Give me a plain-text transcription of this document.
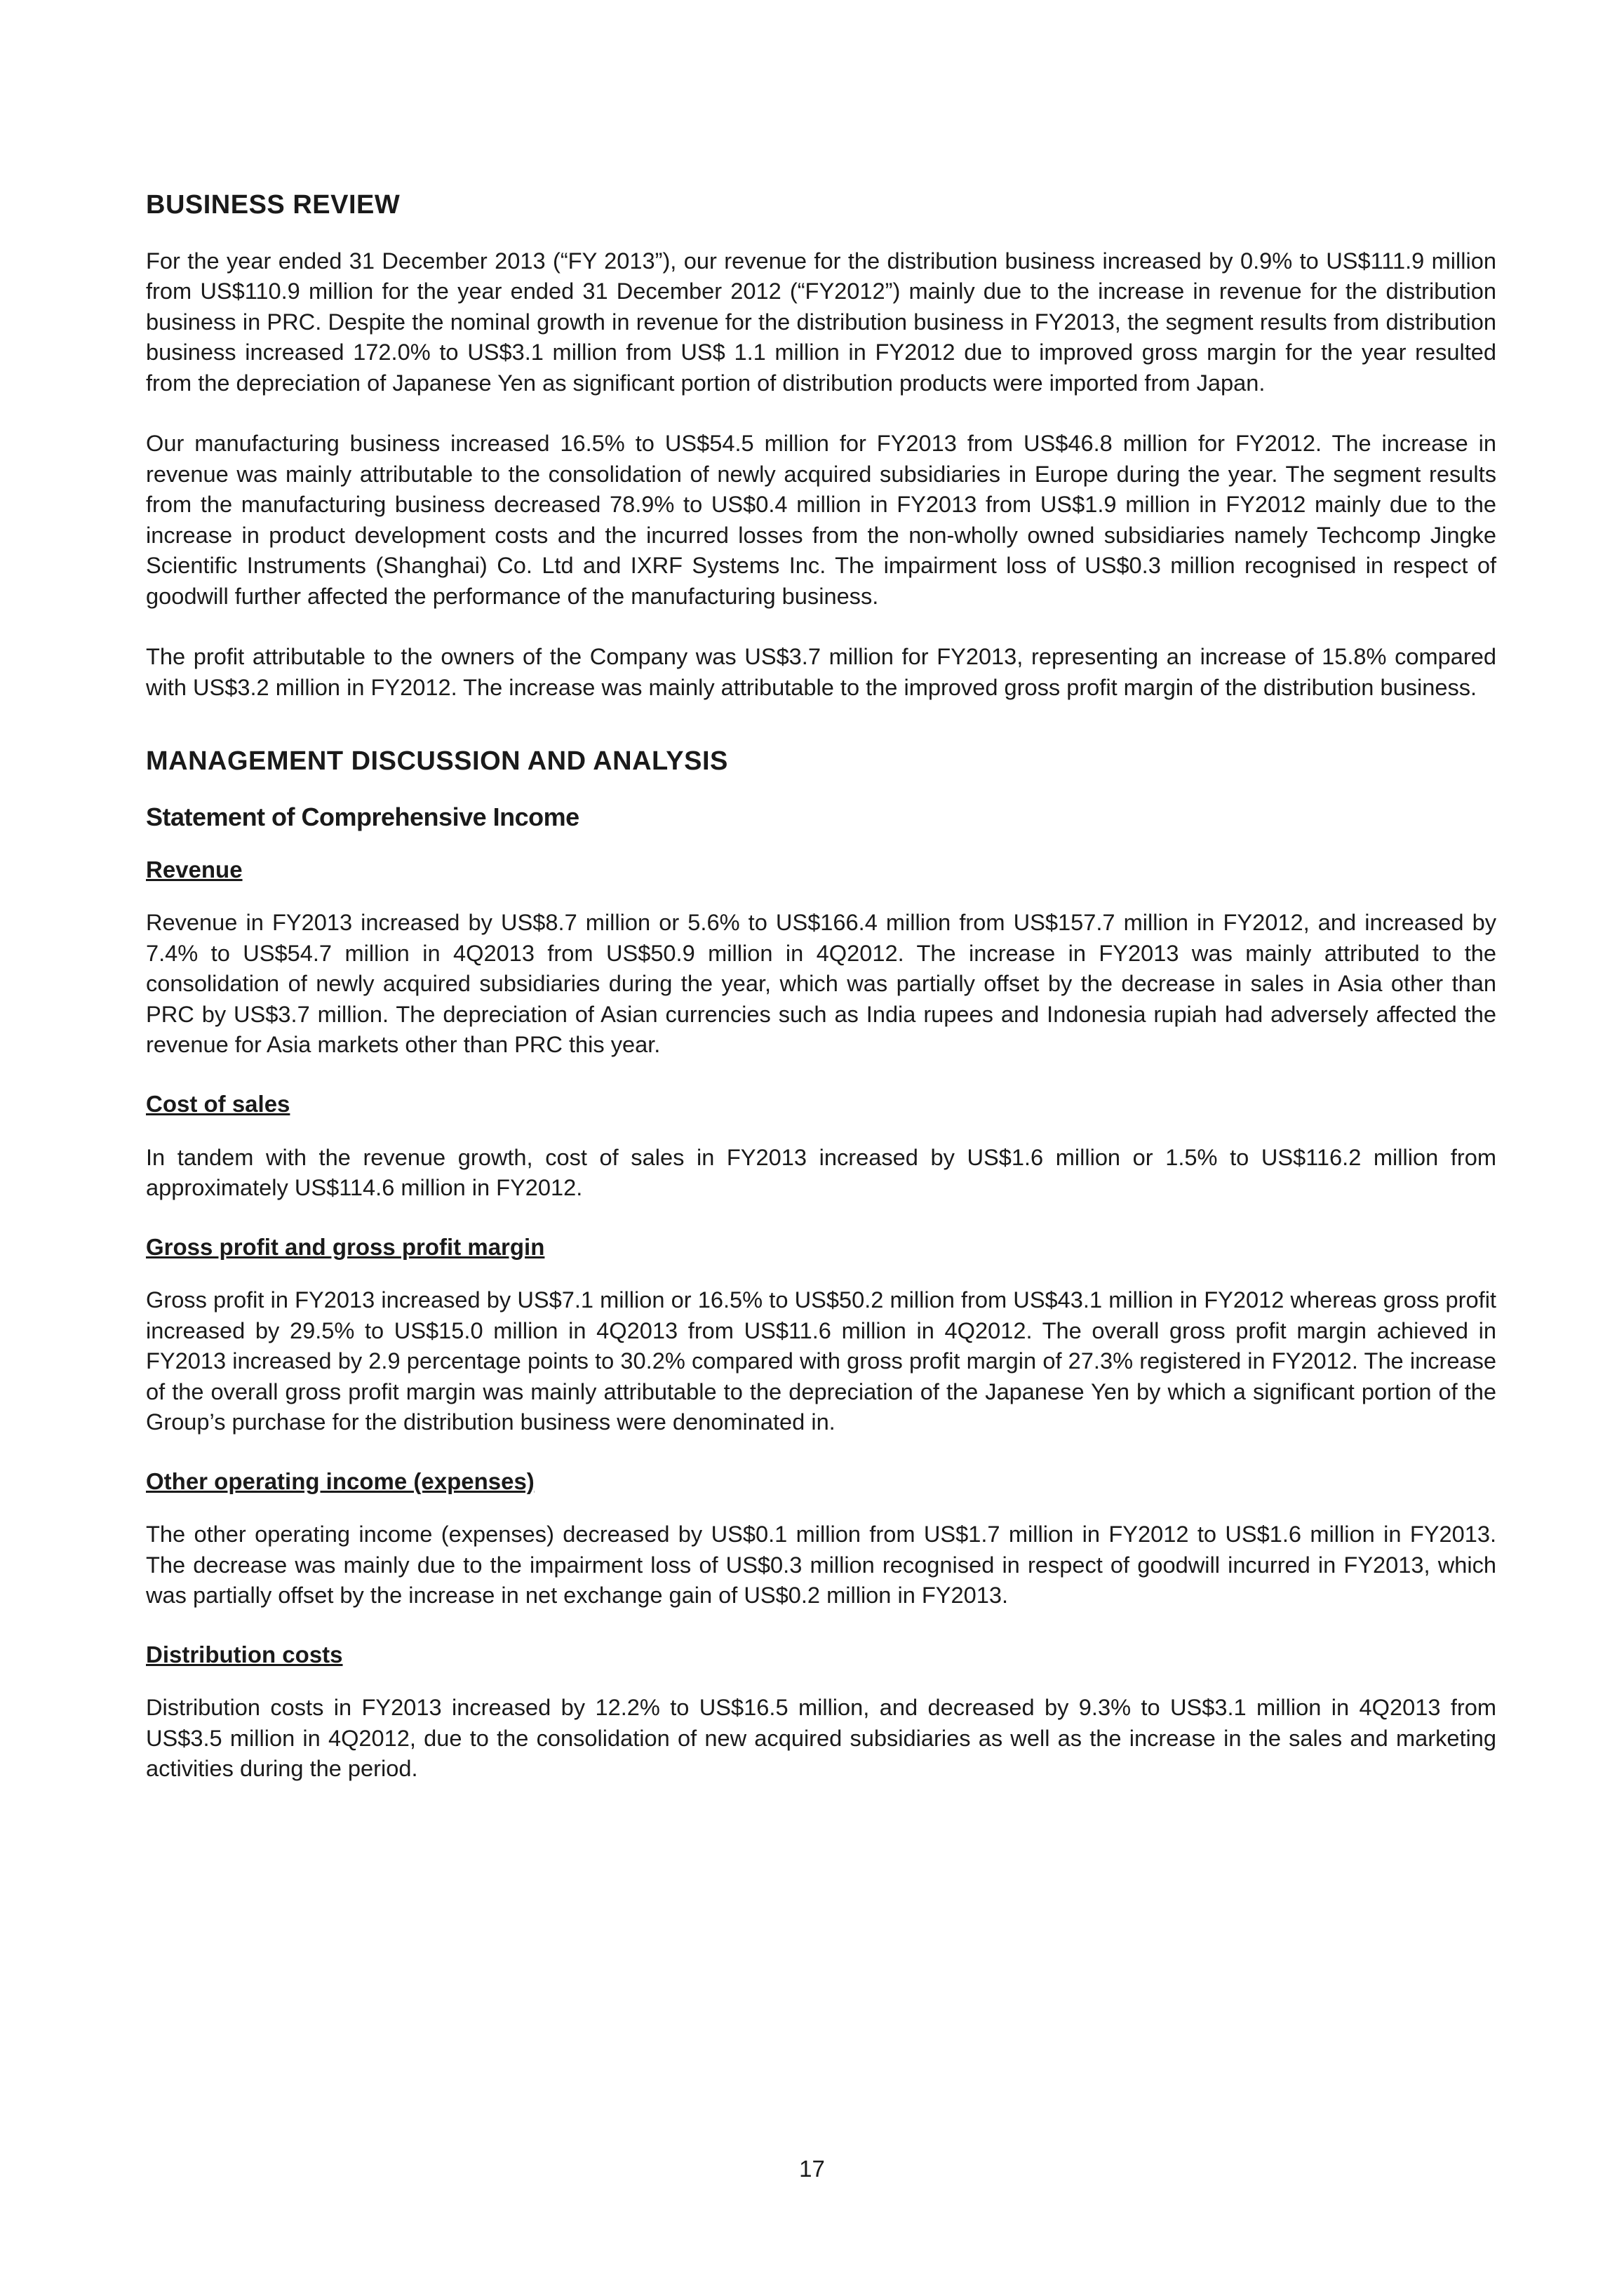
BUSINESS REVIEW

For the year ended 31 December 2013 (“FY 2013”), our revenue for the distribution business increased by 0.9% to US$111.9 million from US$110.9 million for the year ended 31 December 2012 (“FY2012”) mainly due to the increase in revenue for the distribution business in PRC. Despite the nominal growth in revenue for the distribution business in FY2013, the segment results from distribution business increased 172.0% to US$3.1 million from US$ 1.1 million in FY2012 due to improved gross margin for the year resulted from the depreciation of Japanese Yen as significant portion of distribution products were imported from Japan.

Our manufacturing business increased 16.5% to US$54.5 million for FY2013 from US$46.8 million for FY2012. The increase in revenue was mainly attributable to the consolidation of newly acquired subsidiaries in Europe during the year. The segment results from the manufacturing business decreased 78.9% to US$0.4 million in FY2013 from US$1.9 million in FY2012 mainly due to the increase in product development costs and the incurred losses from the non-wholly owned subsidiaries namely Techcomp Jingke Scientific Instruments (Shanghai) Co. Ltd and IXRF Systems Inc. The impairment loss of US$0.3 million recognised in respect of goodwill further affected the performance of the manufacturing business.

The profit attributable to the owners of the Company was US$3.7 million for FY2013, representing an increase of 15.8% compared with US$3.2 million in FY2012. The increase was mainly attributable to the improved gross profit margin of the distribution business.

MANAGEMENT DISCUSSION AND ANALYSIS
Statement of Comprehensive Income
Revenue

Revenue in FY2013 increased by US$8.7 million or 5.6% to US$166.4 million from US$157.7 million in FY2012, and increased by 7.4% to US$54.7 million in 4Q2013 from US$50.9 million in 4Q2012. The increase in FY2013 was mainly attributed to the consolidation of newly acquired subsidiaries during the year, which was partially offset by the decrease in sales in Asia other than PRC by US$3.7 million. The depreciation of Asian currencies such as India rupees and Indonesia rupiah had adversely affected the revenue for Asia markets other than PRC this year.

Cost of sales

In tandem with the revenue growth, cost of sales in FY2013 increased by US$1.6 million or 1.5% to US$116.2 million from approximately US$114.6 million in FY2012.

Gross profit and gross profit margin

Gross profit in FY2013 increased by US$7.1 million or 16.5% to US$50.2 million from US$43.1 million in FY2012 whereas gross profit increased by 29.5% to US$15.0 million in 4Q2013 from US$11.6 million in 4Q2012. The overall gross profit margin achieved in FY2013 increased by 2.9 percentage points to 30.2% compared with gross profit margin of 27.3% registered in FY2012. The increase of the overall gross profit margin was mainly attributable to the depreciation of the Japanese Yen by which a significant portion of the Group’s purchase for the distribution business were denominated in.

Other operating income (expenses)

The other operating income (expenses) decreased by US$0.1 million from US$1.7 million in FY2012 to US$1.6 million in FY2013. The decrease was mainly due to the impairment loss of US$0.3 million recognised in respect of goodwill incurred in FY2013, which was partially offset by the increase in net exchange gain of US$0.2 million in FY2013.

Distribution costs

Distribution costs in FY2013 increased by 12.2% to US$16.5 million, and decreased by 9.3% to US$3.1 million in 4Q2013 from US$3.5 million in 4Q2012, due to the consolidation of new acquired subsidiaries as well as the increase in the sales and marketing activities during the period.

17
